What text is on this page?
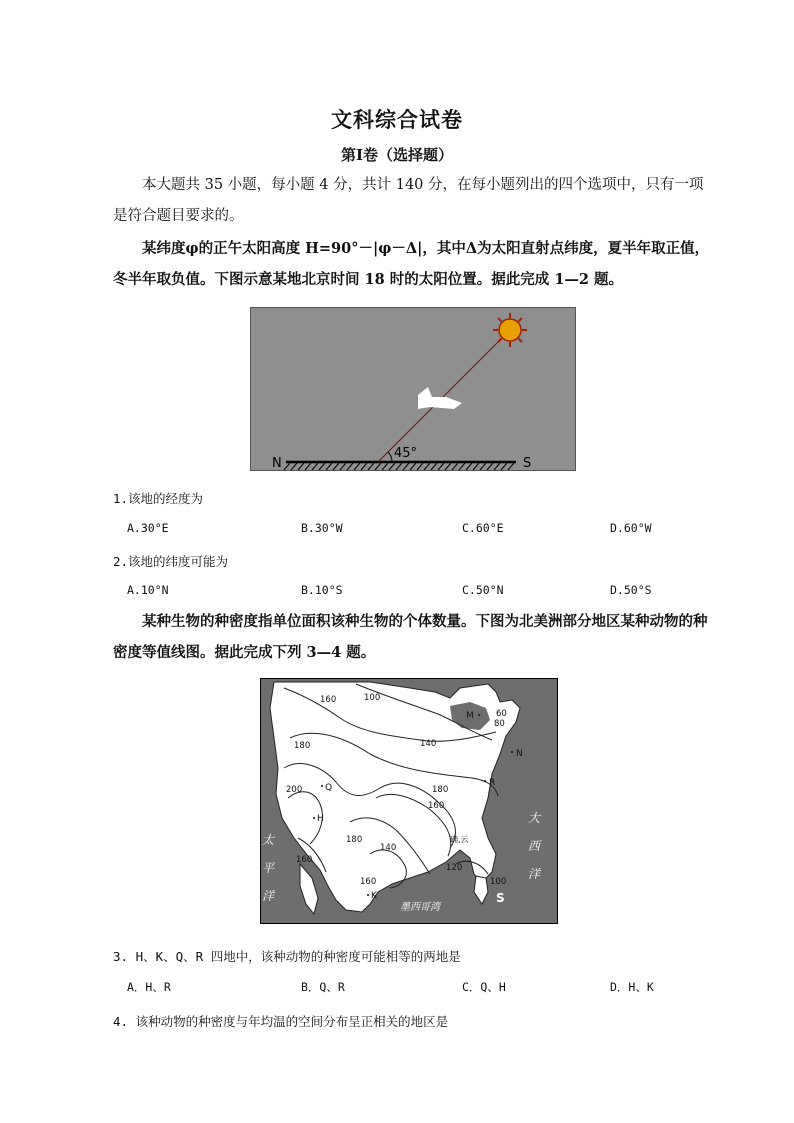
文科综合试卷
第Ⅰ卷（选择题）
本大题共 35 小题，每小题 4 分，共计 140 分，在每小题列出的四个选项中，只有一项是符合题目要求的。
某纬度φ的正午太阳高度 H=90°－|φ－Δ|，其中Δ为太阳直射点纬度，夏半年取正值，冬半年取负值。下图示意某地北京时间 18 时的太阳位置。据此完成 1—2 题。
45°
N	S
1.该地的经度为
A.30°E	B.30°W	C.60°E	D.60°W
2.该地的纬度可能为
A.10°N	B.10°S	C.50°N	D.50°S
某种生物的种密度指单位面积该种生物的个体数量。下图为北美洲部分地区某种动物的种密度等值线图。据此完成下列 3—4 题。
160	100
60
80
140
180
200	180
160
180
140
120
160	100
160
M
N
Q	R
H
K
确,云
太
平
洋
大
西
洋
墨西哥湾
S
3. H、K、Q、R 四地中，该种动物的种密度可能相等的两地是
A．H、R	B．Q、R	C．Q、H	D．H、K
4. 该种动物的种密度与年均温的空间分布呈正相关的地区是
